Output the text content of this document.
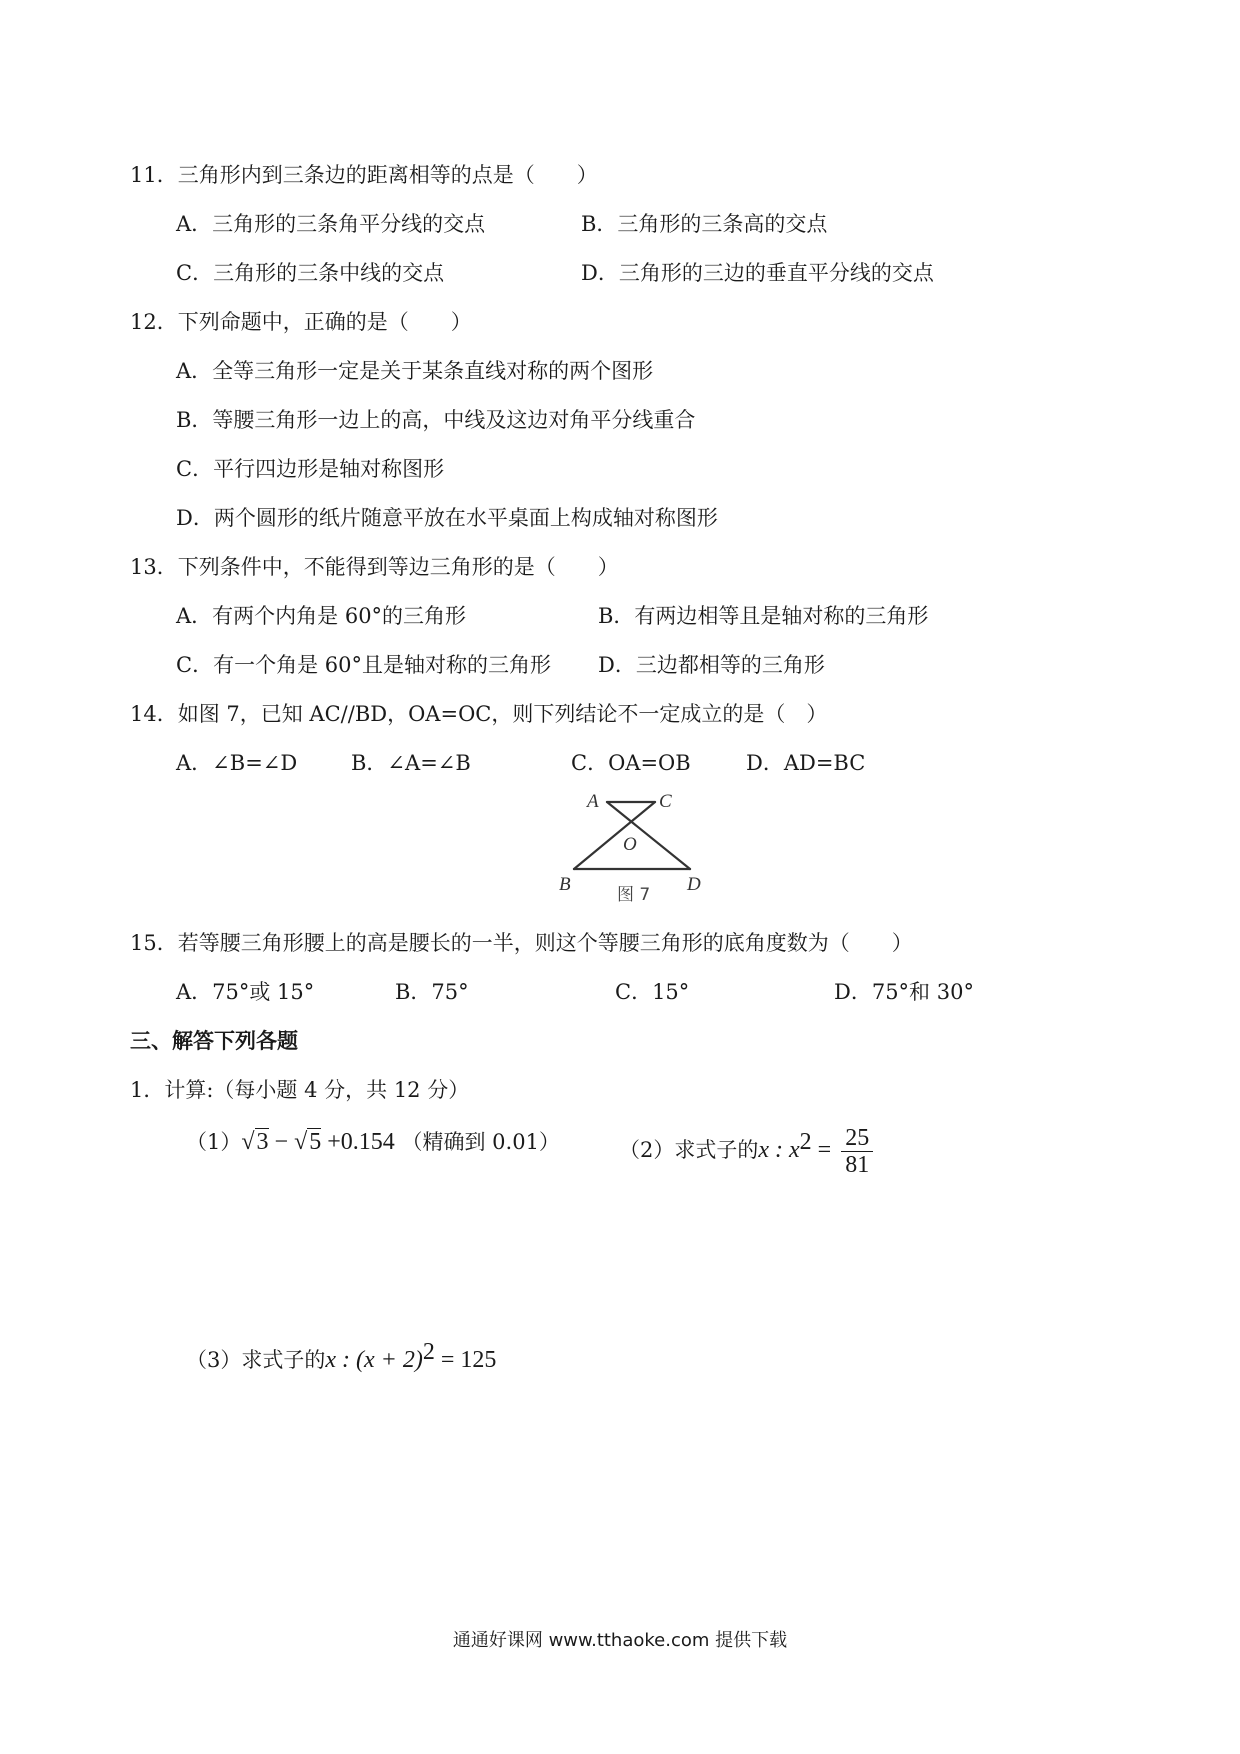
11．三角形内到三条边的距离相等的点是（　　）
A．三角形的三条角平分线的交点	B．三角形的三条高的交点
C．三角形的三条中线的交点	D．三角形的三边的垂直平分线的交点
12．下列命题中，正确的是（　　）
A．全等三角形一定是关于某条直线对称的两个图形
B．等腰三角形一边上的高，中线及这边对角平分线重合
C．平行四边形是轴对称图形
D．两个圆形的纸片随意平放在水平桌面上构成轴对称图形
13．下列条件中，不能得到等边三角形的是（　　）
A．有两个内角是 60°的三角形	B．有两边相等且是轴对称的三角形
C．有一个角是 60°且是轴对称的三角形 D．三边都相等的三角形
14．如图 7，已知 AC//BD，OA=OC，则下列结论不一定成立的是（　）
A．∠B=∠D	B．∠A=∠B	C．OA=OB	D．AD=BC
A	C
O
B	D
图 7
15．若等腰三角形腰上的高是腰长的一半，则这个等腰三角形的底角度数为（　　）
A．75°或 15°	B．75°	C．15°	D．75°和 30°
三、解答下列各题
1．计算:（每小题 4 分，共 12 分）
（1）√3 − √5 +0.154 （精确到 0.01）	（2）求式子的x : $x^2 = \frac{25}{81}$
（3）求式子的x : $(x + 2)^2 = 125$
通通好课网 www.tthaoke.com 提供下载
